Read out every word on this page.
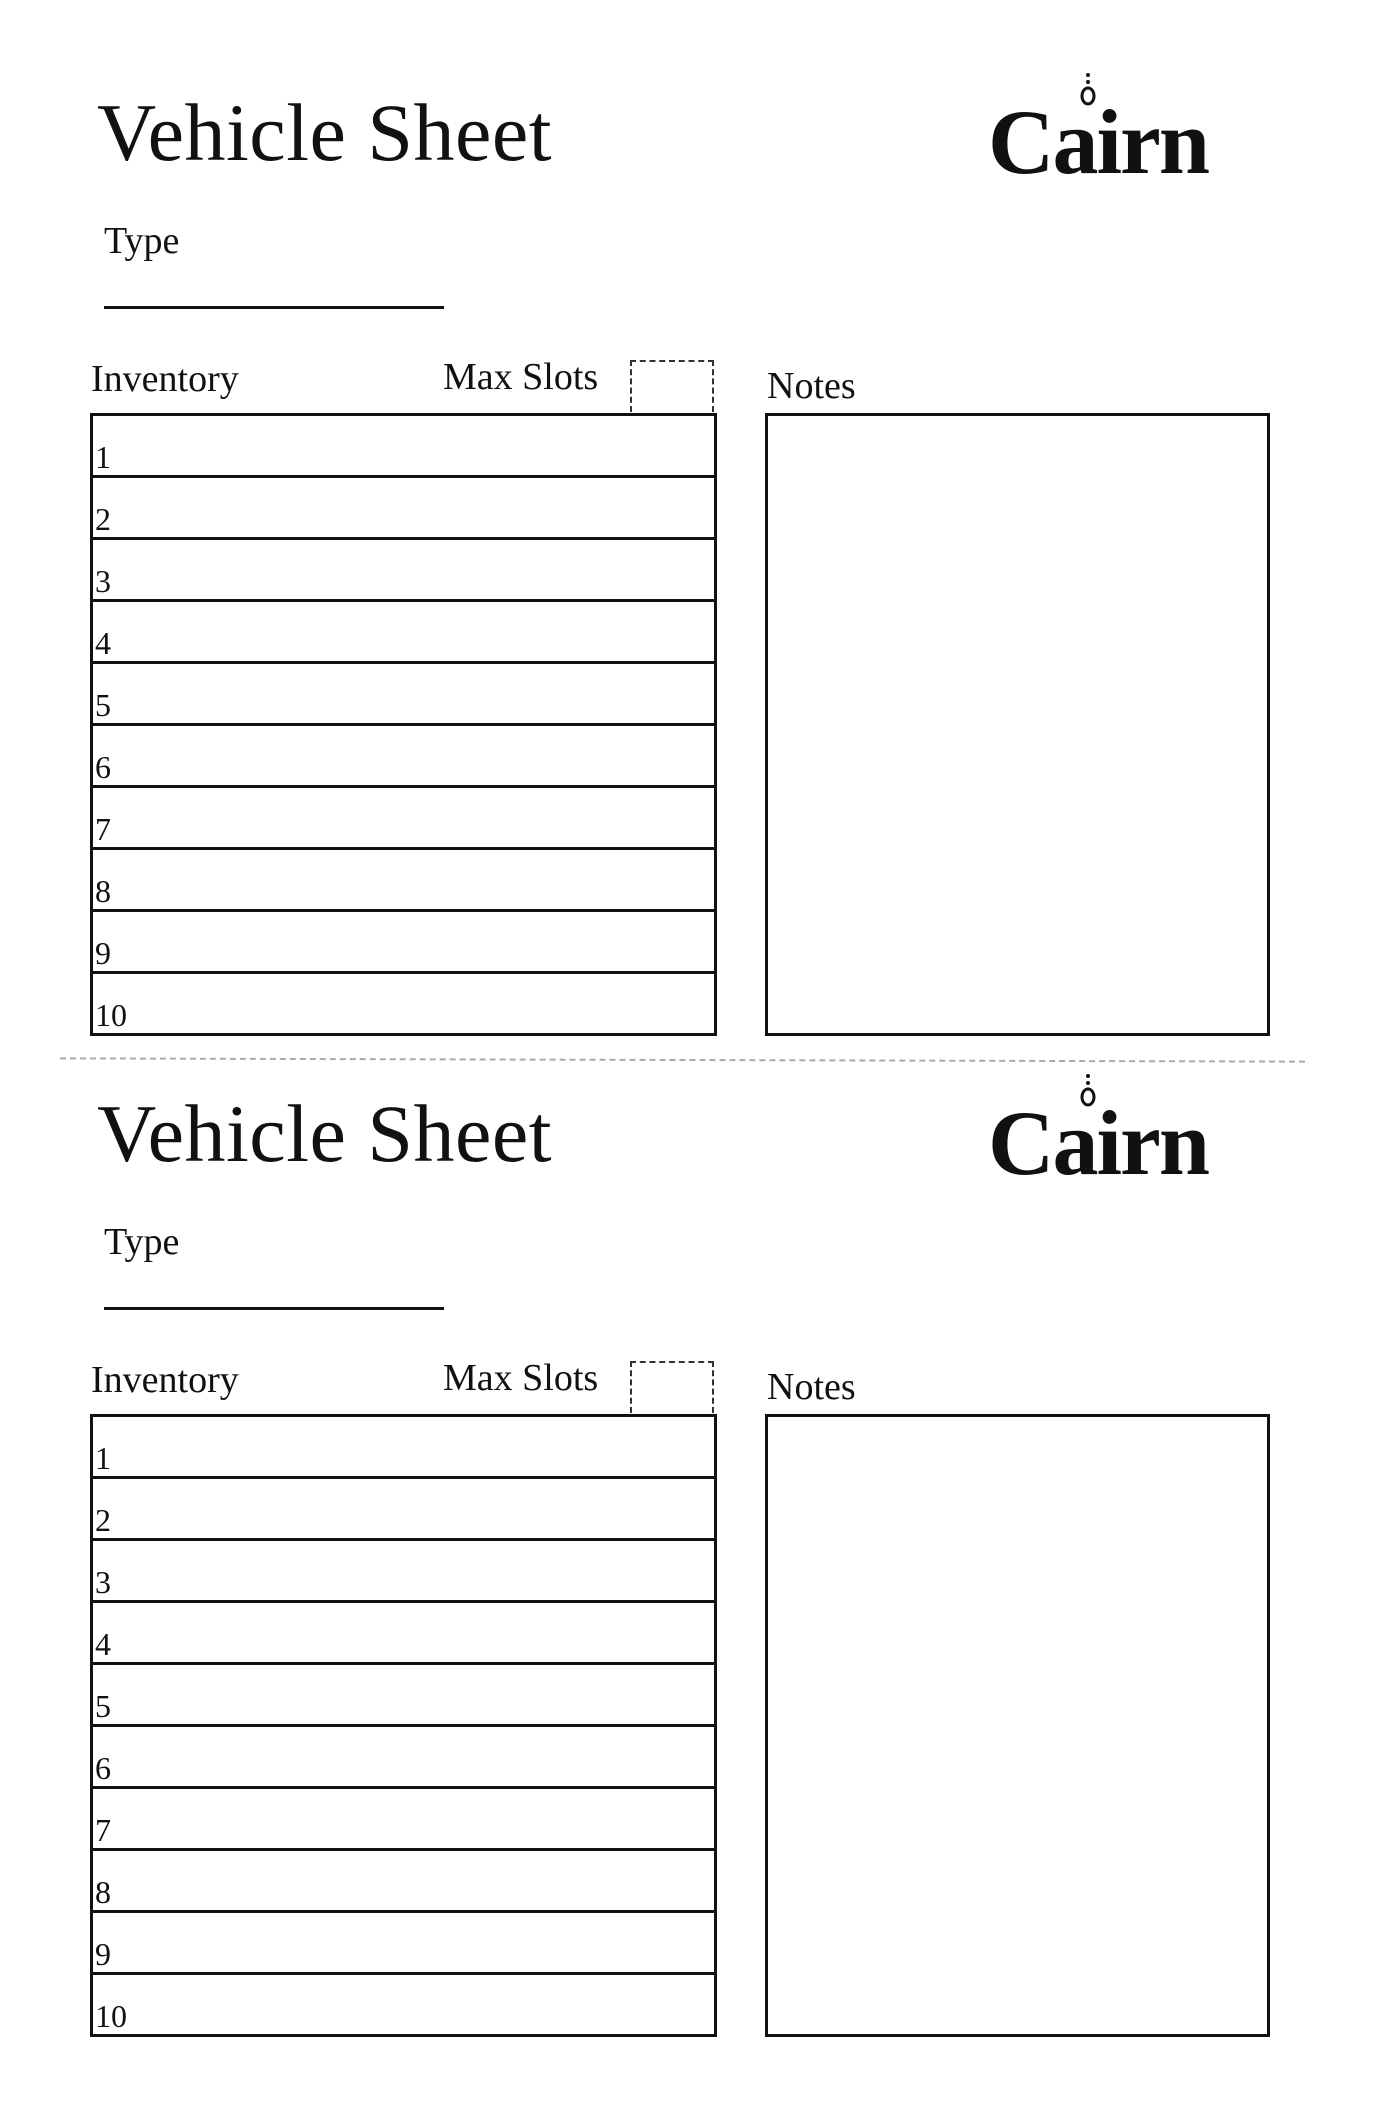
Vehicle Sheet	Cairn
Type
Inventory	Max Slots
1
2
3
4
5
6
7
8
9
10
Notes
Vehicle Sheet	Cairn
Type
Inventory	Max Slots
1
2
3
4
5
6
7
8
9
10
Notes
